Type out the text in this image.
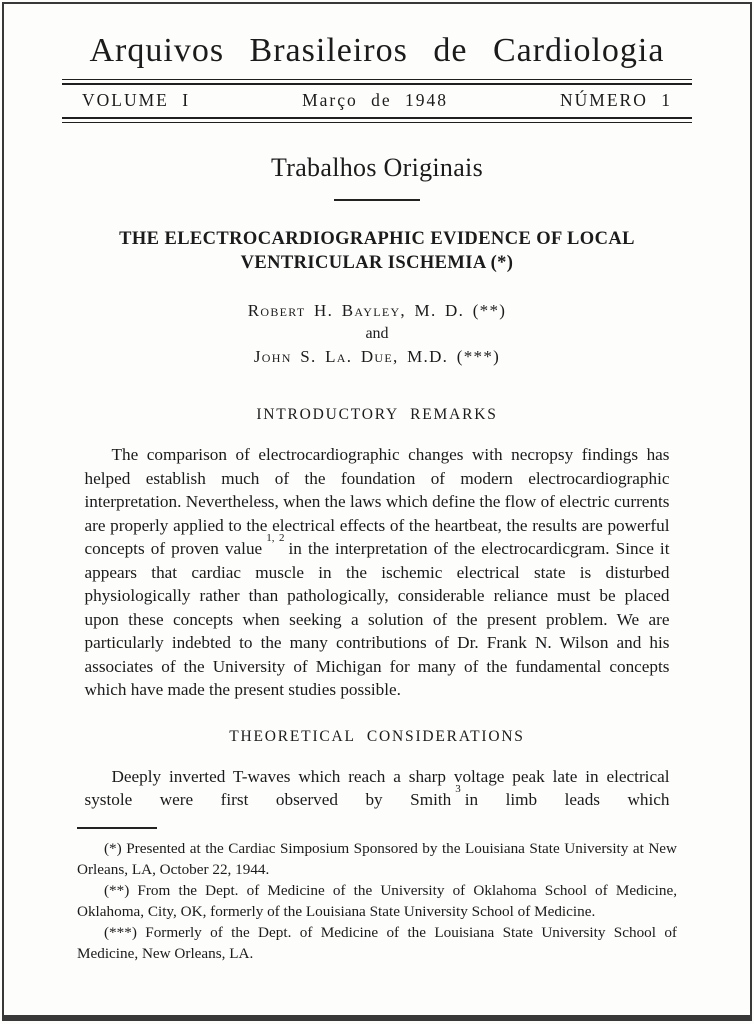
Arquivos Brasileiros de Cardiologia
VOLUME I	Março de 1948	NÚMERO 1
Trabalhos Originais
THE ELECTROCARDIOGRAPHIC EVIDENCE OF LOCAL
VENTRICULAR ISCHEMIA (*)
Robert H. Bayley, M. D. (**)
and
John S. La. Due, M.D. (***)
INTRODUCTORY REMARKS

The comparison of electrocardiographic changes with necropsy findings has helped establish much of the foundation of modern electrocardiographic interpretation. Nevertheless, when the laws which define the flow of electric currents are properly applied to the electrical effects of the heartbeat, the results are powerful concepts of proven value$^{1, 2}$in the interpretation of the electrocardicgram. Since it appears that cardiac muscle in the ischemic electrical state is disturbed physiologically rather than pathologically, considerable reliance must be placed upon these concepts when seeking a solution of the present problem. We are particularly indebted to the many contributions of Dr. Frank N. Wilson and his associates of the University of Michigan for many of the fundamental concepts which have made the present studies possible.

THEORETICAL CONSIDERATIONS

Deeply inverted T-waves which reach a sharp voltage peak late in electrical systole were first observed by Smith$^3$in limb leads which

(*) Presented at the Cardiac Simposium Sponsored by the Louisiana State University at New Orleans, LA, October 22, 1944.

(**) From the Dept. of Medicine of the University of Oklahoma School of Medicine, Oklahoma, City, OK, formerly of the Louisiana State University School of Medicine.

(***) Formerly of the Dept. of Medicine of the Louisiana State University School of Medicine, New Orleans, LA.
